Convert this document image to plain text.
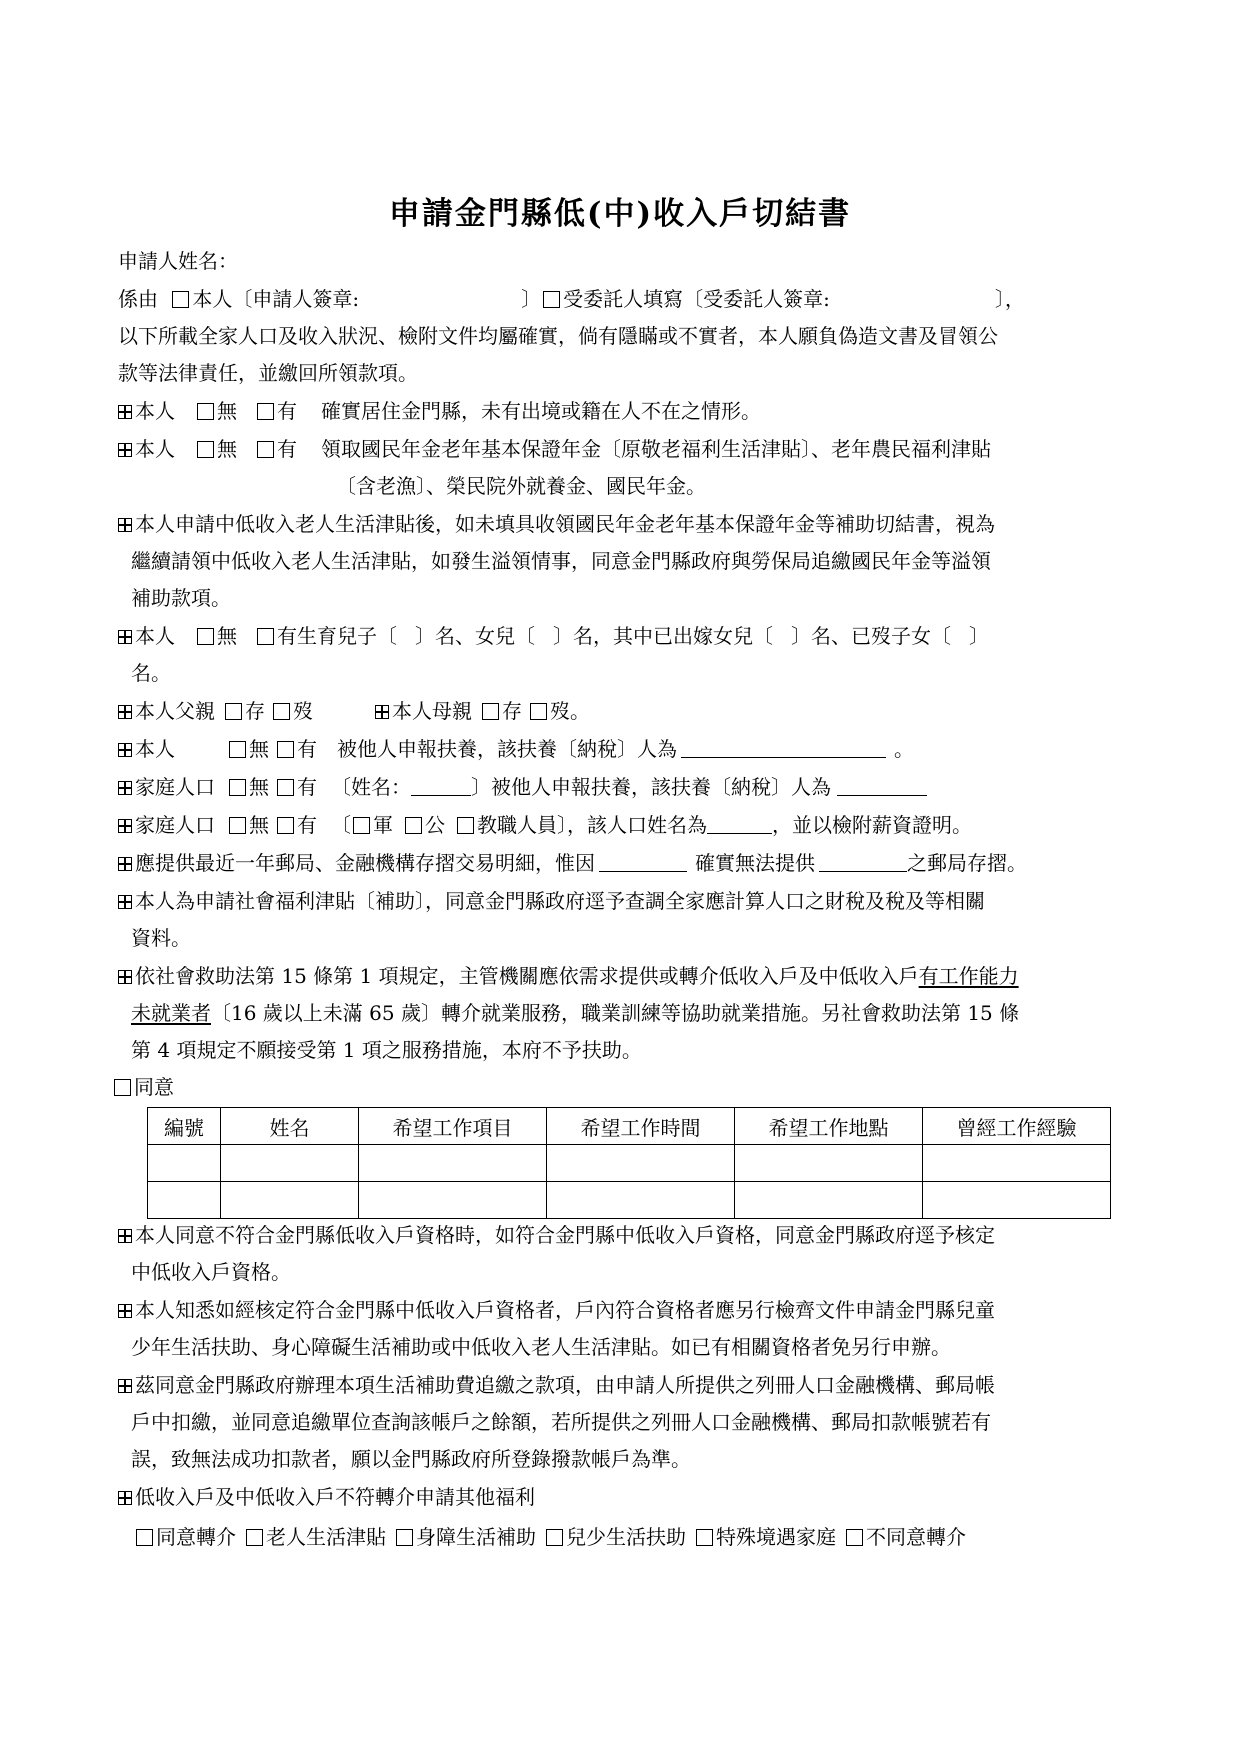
申請金門縣低(中)收入戶切結書
申請人姓名：
係由 本人〔申請人簽章:	〕 受委託人填寫〔受委託人簽章:	〕，
以下所載全家人口及收入狀況、檢附文件均屬確實，倘有隱瞞或不實者，本人願負偽造文書及冒領公
款等法律責任，並繳回所領款項。
本人 無 有 確實居住金門縣，未有出境或籍在人不在之情形。
本人 無 有 領取國民年金老年基本保證年金〔原敬老福利生活津貼〕、老年農民福利津貼
〔含老漁〕、榮民院外就養金、國民年金。
本人申請中低收入老人生活津貼後，如未填具收領國民年金老年基本保證年金等補助切結書，視為
繼續請領中低收入老人生活津貼，如發生溢領情事，同意金門縣政府與勞保局追繳國民年金等溢領
補助款項。
本人 無 有生育兒子〔 〕名、女兒〔 〕名，其中已出嫁女兒〔 〕名、已歿子女〔 〕
名。
本人父親 存 歿	本人母親 存 歿。
本人	無 有 被他人申報扶養，該扶養〔納稅〕人為	。
家庭人口 無 有 〔姓名：	〕被他人申報扶養，該扶養〔納稅〕人為
家庭人口 無 有 〔 軍 公 教職人員〕，該人口姓名為	，並以檢附薪資證明。
應提供最近一年郵局、金融機構存摺交易明細，惟因	確實無法提供	之郵局存摺。
本人為申請社會福利津貼〔補助〕，同意金門縣政府逕予查調全家應計算人口之財稅及稅及等相關
資料。
依社會救助法第 15 條第 1 項規定，主管機關應依需求提供或轉介低收入戶及中低收入戶有工作能力
未就業者〔16 歲以上未滿 65 歲〕轉介就業服務，職業訓練等協助就業措施。另社會救助法第 15 條
第 4 項規定不願接受第 1 項之服務措施，本府不予扶助。
同意
編號	姓名	希望工作項目	希望工作時間	希望工作地點	曾經工作經驗

本人同意不符合金門縣低收入戶資格時，如符合金門縣中低收入戶資格，同意金門縣政府逕予核定
中低收入戶資格。
本人知悉如經核定符合金門縣中低收入戶資格者，戶內符合資格者應另行檢齊文件申請金門縣兒童
少年生活扶助、身心障礙生活補助或中低收入老人生活津貼。如已有相關資格者免另行申辦。
茲同意金門縣政府辦理本項生活補助費追繳之款項，由申請人所提供之列冊人口金融機構、郵局帳
戶中扣繳，並同意追繳單位查詢該帳戶之餘額，若所提供之列冊人口金融機構、郵局扣款帳號若有
誤，致無法成功扣款者，願以金門縣政府所登錄撥款帳戶為準。
低收入戶及中低收入戶不符轉介申請其他福利
同意轉介 老人生活津貼 身障生活補助 兒少生活扶助 特殊境遇家庭 不同意轉介
